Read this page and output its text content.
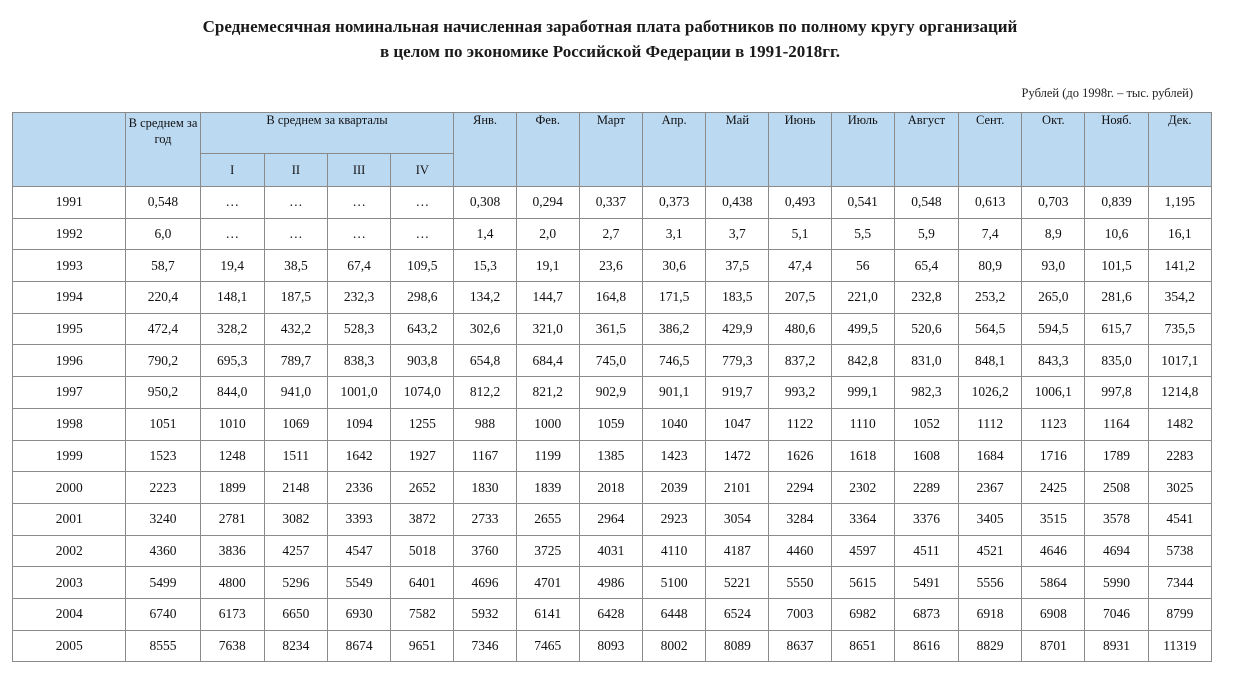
Среднемесячная номинальная начисленная заработная плата работников по полному кругу организаций
в целом по экономике Российской Федерации в 1991-2018гг.
Рублей (до 1998г. – тыс. рублей)
	В среднем за год	В среднем за кварталы				Янв.	Фев.	Март	Апр.	Май	Июнь	Июль	Август	Сент.	Окт.	Нояб.	Дек.
		I	II	III	IV												
1991	0,548	…	…	…	…	0,308	0,294	0,337	0,373	0,438	0,493	0,541	0,548	0,613	0,703	0,839	1,195
1992	6,0	…	…	…	…	1,4	2,0	2,7	3,1	3,7	5,1	5,5	5,9	7,4	8,9	10,6	16,1
1993	58,7	19,4	38,5	67,4	109,5	15,3	19,1	23,6	30,6	37,5	47,4	56	65,4	80,9	93,0	101,5	141,2
1994	220,4	148,1	187,5	232,3	298,6	134,2	144,7	164,8	171,5	183,5	207,5	221,0	232,8	253,2	265,0	281,6	354,2
1995	472,4	328,2	432,2	528,3	643,2	302,6	321,0	361,5	386,2	429,9	480,6	499,5	520,6	564,5	594,5	615,7	735,5
1996	790,2	695,3	789,7	838,3	903,8	654,8	684,4	745,0	746,5	779,3	837,2	842,8	831,0	848,1	843,3	835,0	1017,1
1997	950,2	844,0	941,0	1001,0	1074,0	812,2	821,2	902,9	901,1	919,7	993,2	999,1	982,3	1026,2	1006,1	997,8	1214,8
1998	1051	1010	1069	1094	1255	988	1000	1059	1040	1047	1122	1110	1052	1112	1123	1164	1482
1999	1523	1248	1511	1642	1927	1167	1199	1385	1423	1472	1626	1618	1608	1684	1716	1789	2283
2000	2223	1899	2148	2336	2652	1830	1839	2018	2039	2101	2294	2302	2289	2367	2425	2508	3025
2001	3240	2781	3082	3393	3872	2733	2655	2964	2923	3054	3284	3364	3376	3405	3515	3578	4541
2002	4360	3836	4257	4547	5018	3760	3725	4031	4110	4187	4460	4597	4511	4521	4646	4694	5738
2003	5499	4800	5296	5549	6401	4696	4701	4986	5100	5221	5550	5615	5491	5556	5864	5990	7344
2004	6740	6173	6650	6930	7582	5932	6141	6428	6448	6524	7003	6982	6873	6918	6908	7046	8799
2005	8555	7638	8234	8674	9651	7346	7465	8093	8002	8089	8637	8651	8616	8829	8701	8931	11319
